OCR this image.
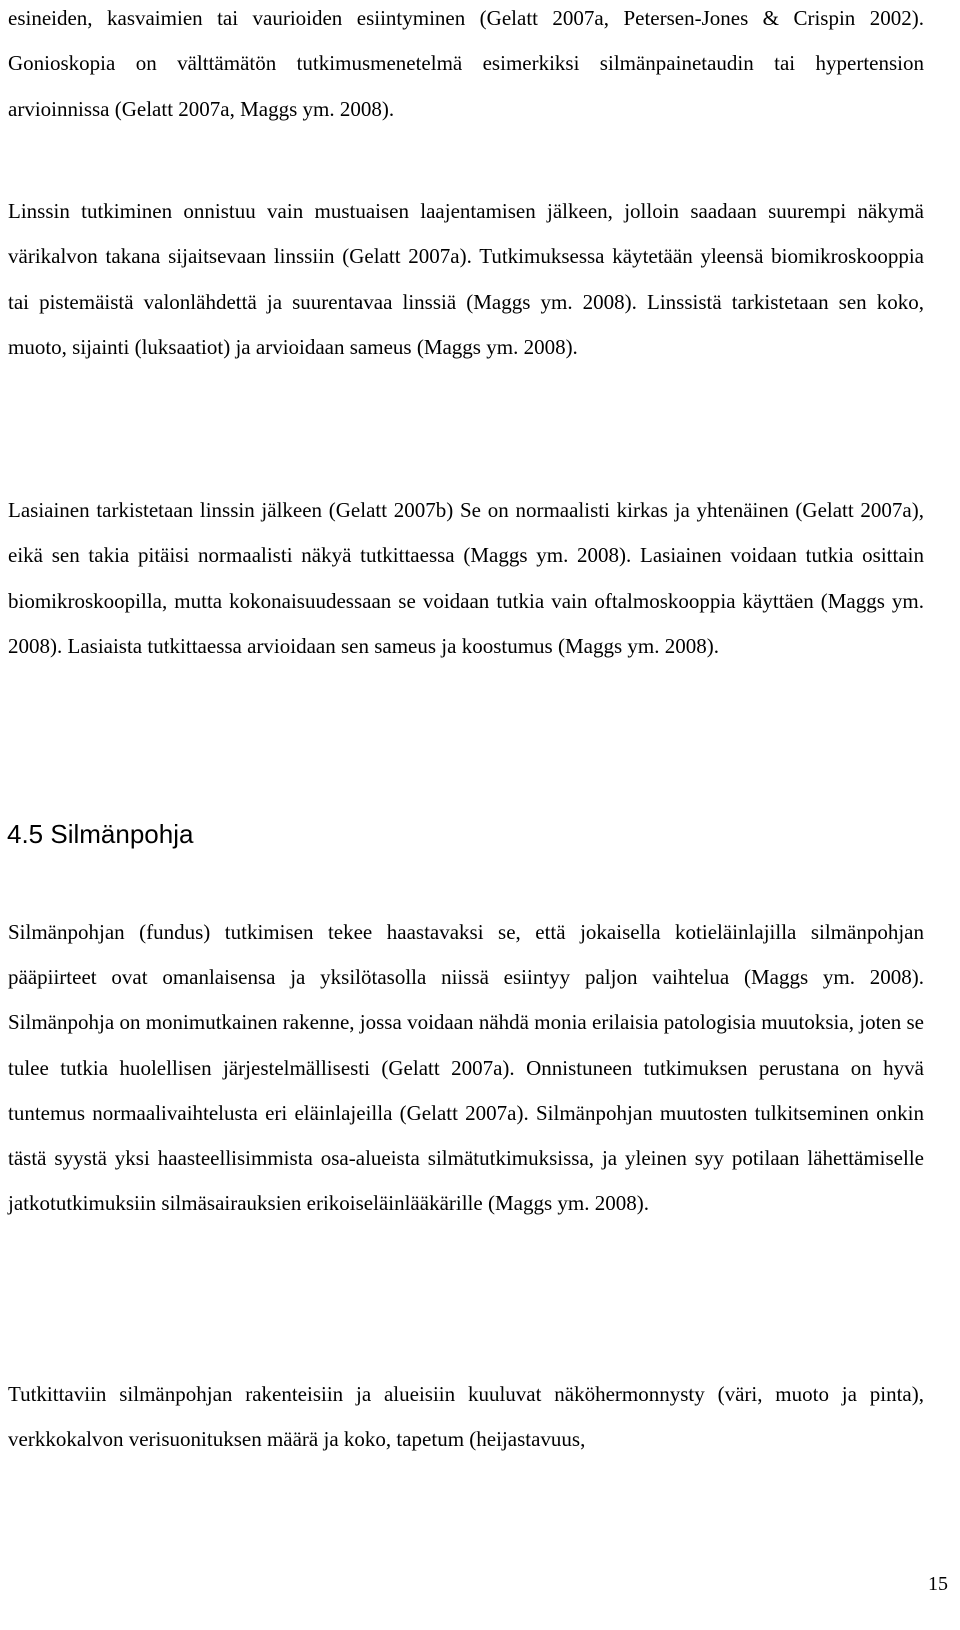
esineiden, kasvaimien tai vaurioiden esiintyminen (Gelatt 2007a, Petersen-Jones & Crispin 2002). Gonioskopia on välttämätön tutkimusmenetelmä esimerkiksi silmänpainetaudin tai hypertension arvioinnissa (Gelatt 2007a, Maggs ym. 2008).

Linssin tutkiminen onnistuu vain mustuaisen laajentamisen jälkeen, jolloin saadaan suurempi näkymä värikalvon takana sijaitsevaan linssiin (Gelatt 2007a). Tutkimuksessa käytetään yleensä biomikroskooppia tai pistemäistä valonlähdettä ja suurentavaa linssiä (Maggs ym. 2008). Linssistä tarkistetaan sen koko, muoto, sijainti (luksaatiot) ja arvioidaan sameus (Maggs ym. 2008).

Lasiainen tarkistetaan linssin jälkeen (Gelatt 2007b) Se on normaalisti kirkas ja yhtenäinen (Gelatt 2007a), eikä sen takia pitäisi normaalisti näkyä tutkittaessa (Maggs ym. 2008). Lasiainen voidaan tutkia osittain biomikroskoopilla, mutta kokonaisuudessaan se voidaan tutkia vain oftalmoskooppia käyttäen (Maggs ym. 2008). Lasiaista tutkittaessa arvioidaan sen sameus ja koostumus (Maggs ym. 2008).

4.5 Silmänpohja

Silmänpohjan (fundus) tutkimisen tekee haastavaksi se, että jokaisella kotieläinlajilla silmänpohjan pääpiirteet ovat omanlaisensa ja yksilötasolla niissä esiintyy paljon vaihtelua (Maggs ym. 2008). Silmänpohja on monimutkainen rakenne, jossa voidaan nähdä monia erilaisia patologisia muutoksia, joten se tulee tutkia huolellisen järjestelmällisesti (Gelatt 2007a). Onnistuneen tutkimuksen perustana on hyvä tuntemus normaalivaihtelusta eri eläinlajeilla (Gelatt 2007a). Silmänpohjan muutosten tulkitseminen onkin tästä syystä yksi haasteellisimmista osa-alueista silmätutkimuksissa, ja yleinen syy potilaan lähettämiselle jatkotutkimuksiin silmäsairauksien erikoiseläinlääkärille (Maggs ym. 2008).

Tutkittaviin silmänpohjan rakenteisiin ja alueisiin kuuluvat näköhermonnysty (väri, muoto ja pinta), verkkokalvon verisuonituksen määrä ja koko, tapetum (heijastavuus,

15
